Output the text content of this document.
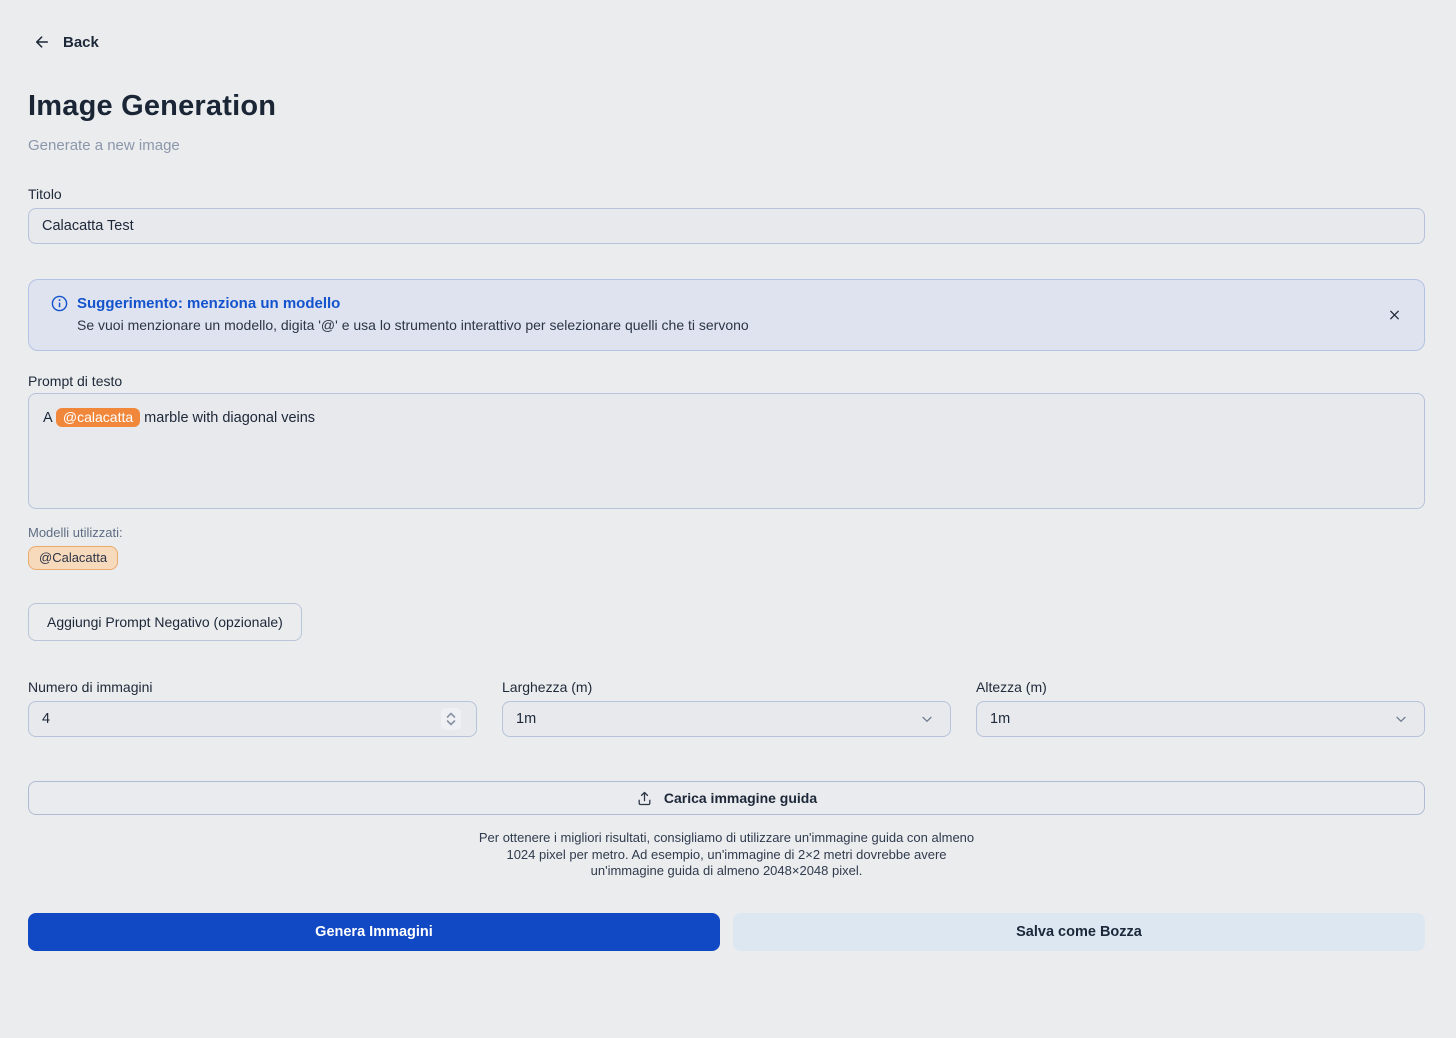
Back
Image Generation
Generate a new image
Titolo
Calacatta Test
Suggerimento: menziona un modello
Se vuoi menzionare un modello, digita '@' e usa lo strumento interattivo per selezionare quelli che ti servono
Prompt di testo
A @calacatta marble with diagonal veins
Modelli utilizzati:
@Calacatta
Aggiungi Prompt Negativo (opzionale)
Numero di immagini
4
Larghezza (m)
1m
Altezza (m)
1m
Carica immagine guida
Per ottenere i migliori risultati, consigliamo di utilizzare un'immagine guida con almeno
1024 pixel per metro. Ad esempio, un'immagine di 2×2 metri dovrebbe avere
un'immagine guida di almeno 2048×2048 pixel.
Genera Immagini	Salva come Bozza
